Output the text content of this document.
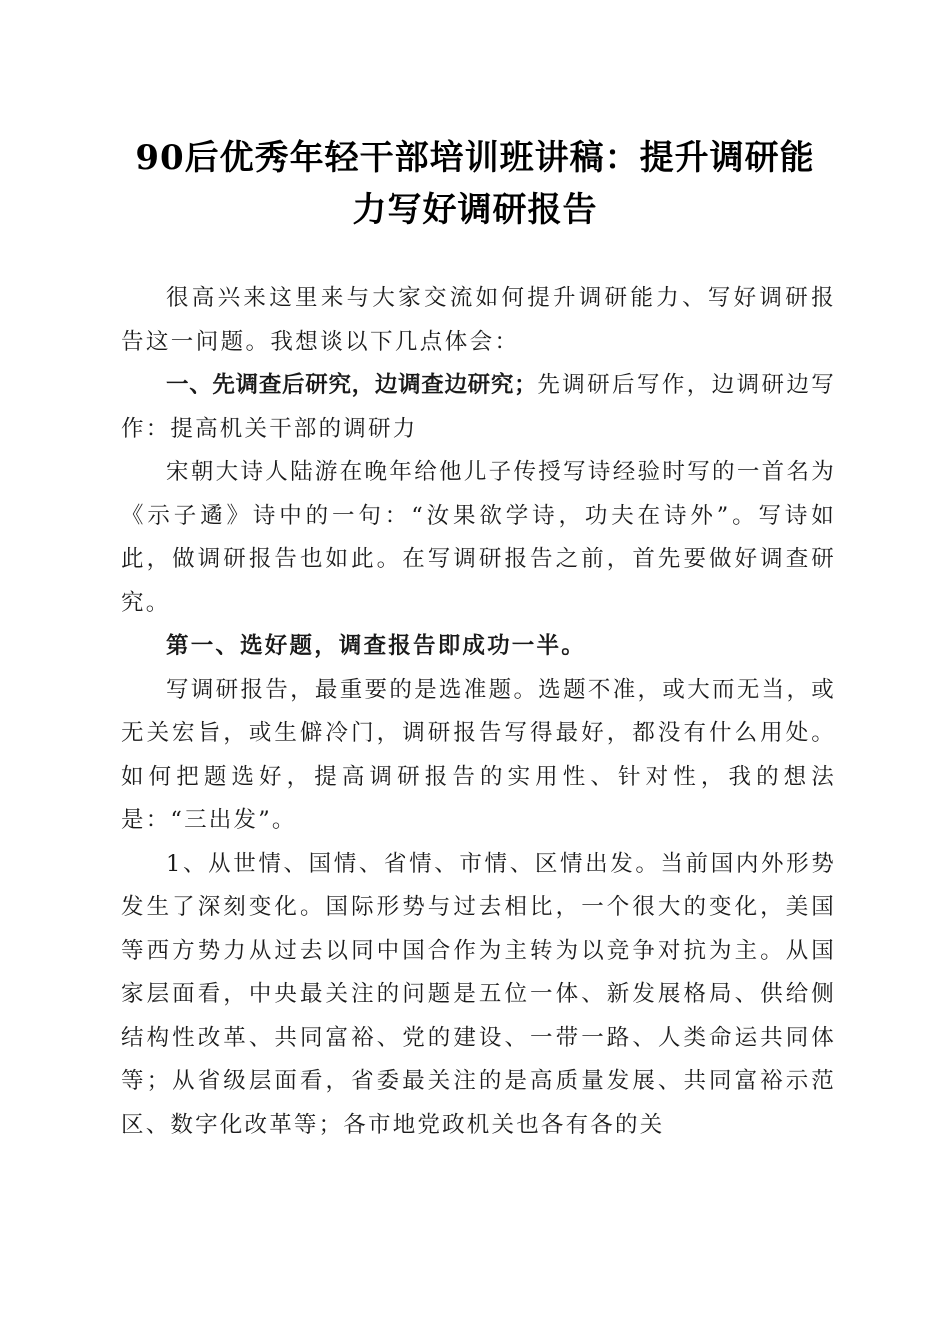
90后优秀年轻干部培训班讲稿：提升调研能
力写好调研报告

很高兴来这里来与大家交流如何提升调研能力、写好调研报告这一问题。我想谈以下几点体会：

一、先调查后研究，边调查边研究；先调研后写作，边调研边写作：提高机关干部的调研力

宋朝大诗人陆游在晚年给他儿子传授写诗经验时写的一首名为《示子遹》诗中的一句：“汝果欲学诗，功夫在诗外”。写诗如此，做调研报告也如此。在写调研报告之前，首先要做好调查研究。

第一、选好题，调查报告即成功一半。

写调研报告，最重要的是选准题。选题不准，或大而无当，或无关宏旨，或生僻冷门，调研报告写得最好，都没有什么用处。如何把题选好，提高调研报告的实用性、针对性，我的想法是：“三出发”。

1、从世情、国情、省情、市情、区情出发。当前国内外形势发生了深刻变化。国际形势与过去相比，一个很大的变化，美国等西方势力从过去以同中国合作为主转为以竞争对抗为主。从国家层面看，中央最关注的问题是五位一体、新发展格局、供给侧结构性改革、共同富裕、党的建设、一带一路、人类命运共同体等；从省级层面看，省委最关注的是高质量发展、共同富裕示范区、数字化改革等；各市地党政机关也各有各的关
